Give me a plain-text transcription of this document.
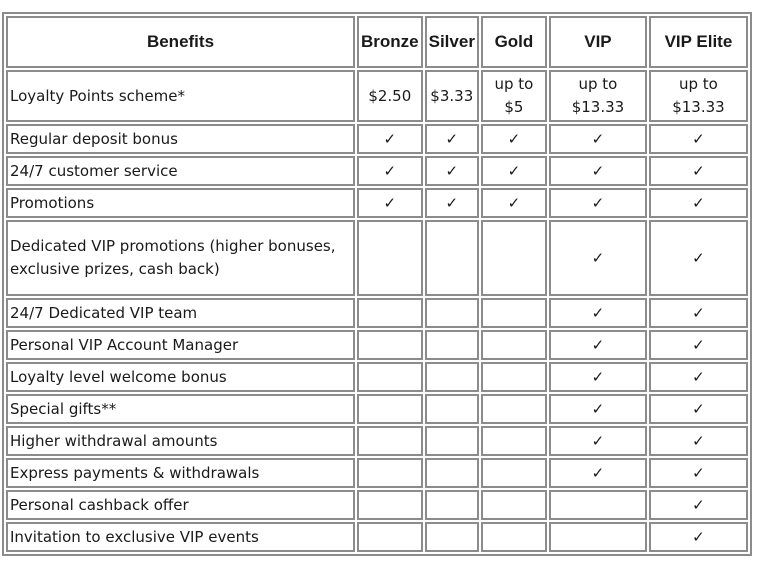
Benefits	Bronze	Silver	Gold	VIP	VIP Elite
Loyalty Points scheme*	$2.50	$3.33	up to $5	up to $13.33	up to $13.33
Regular deposit bonus	✓	✓	✓	✓	✓
24/7 customer service	✓	✓	✓	✓	✓
Promotions	✓	✓	✓	✓	✓
Dedicated VIP promotions (higher bonuses, exclusive prizes, cash back)				✓	✓
24/7 Dedicated VIP team				✓	✓
Personal VIP Account Manager				✓	✓
Loyalty level welcome bonus				✓	✓
Special gifts**				✓	✓
Higher withdrawal amounts				✓	✓
Express payments & withdrawals				✓	✓
Personal cashback offer					✓
Invitation to exclusive VIP events					✓
